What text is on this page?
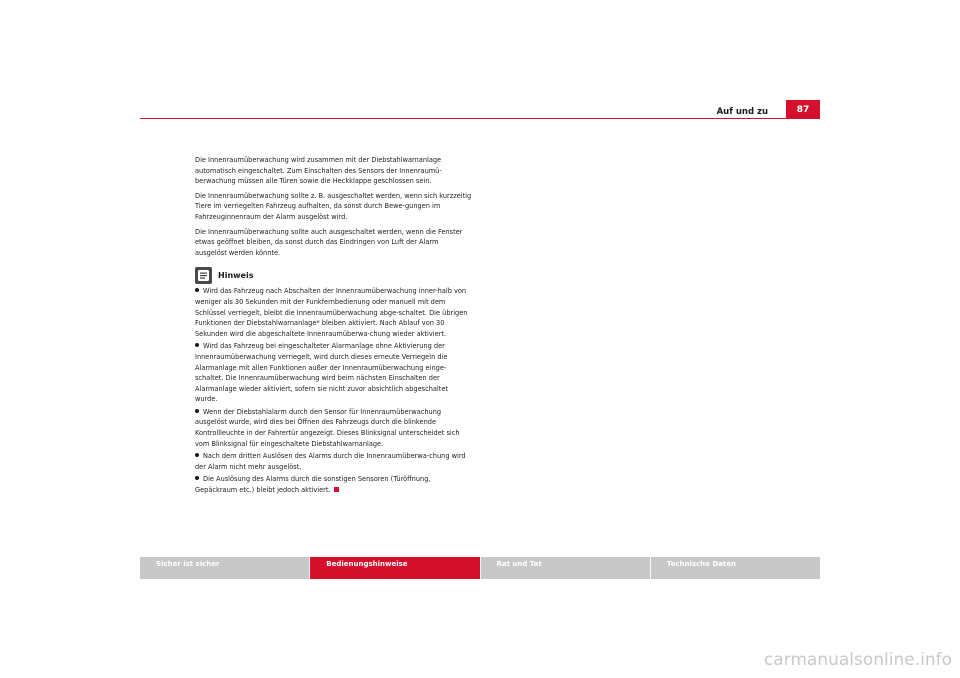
Auf und zu	87

Die Innenraumüberwachung wird zusammen mit der Diebstahlwarnanlage automatisch eingeschaltet. Zum Einschalten des Sensors der Innenraumü-berwachung müssen alle Türen sowie die Heckklappe geschlossen sein.

Die Innenraumüberwachung sollte z. B. ausgeschaltet werden, wenn sich kurzzeitig Tiere im verriegelten Fahrzeug aufhalten, da sonst durch Bewe-gungen im Fahrzeuginnenraum der Alarm ausgelöst wird.

Die Innenraumüberwachung sollte auch ausgeschaltet werden, wenn die Fenster etwas geöffnet bleiben, da sonst durch das Eindringen von Luft der Alarm ausgelöst werden könnte.

Hinweis
Wird das Fahrzeug nach Abschalten der Innenraumüberwachung inner-halb von weniger als 30 Sekunden mit der Funkfernbedienung oder manuell mit dem Schlüssel verriegelt, bleibt die Innenraumüberwachung abge-schaltet. Die übrigen Funktionen der Diebstahlwarnanlage* bleiben aktiviert. Nach Ablauf von 30 Sekunden wird die abgeschaltete Innenraumüberwa-chung wieder aktiviert.
Wird das Fahrzeug bei eingeschalteter Alarmanlage ohne Aktivierung der Innenraumüberwachung verriegelt, wird durch dieses erneute Verriegeln die Alarmanlage mit allen Funktionen außer der Innenraumüberwachung einge-schaltet. Die Innenraumüberwachung wird beim nächsten Einschalten der Alarmanlage wieder aktiviert, sofern sie nicht zuvor absichtlich abgeschaltet wurde.
Wenn der Diebstahlalarm durch den Sensor für Innenraumüberwachung ausgelöst wurde, wird dies bei Öffnen des Fahrzeugs durch die blinkende Kontrollleuchte in der Fahrertür angezeigt. Dieses Blinksignal unterscheidet sich vom Blinksignal für eingeschaltete Diebstahlwarnanlage.
Nach dem dritten Auslösen des Alarms durch die Innenraumüberwa-chung wird der Alarm nicht mehr ausgelöst.
Die Auslösung des Alarms durch die sonstigen Sensoren (Türöffnung, Gepäckraum etc.) bleibt jedoch aktiviert.
Sicher ist sicher	Bedienungshinweise	Rat und Tat	Technische Daten
carmanualsonline.info
